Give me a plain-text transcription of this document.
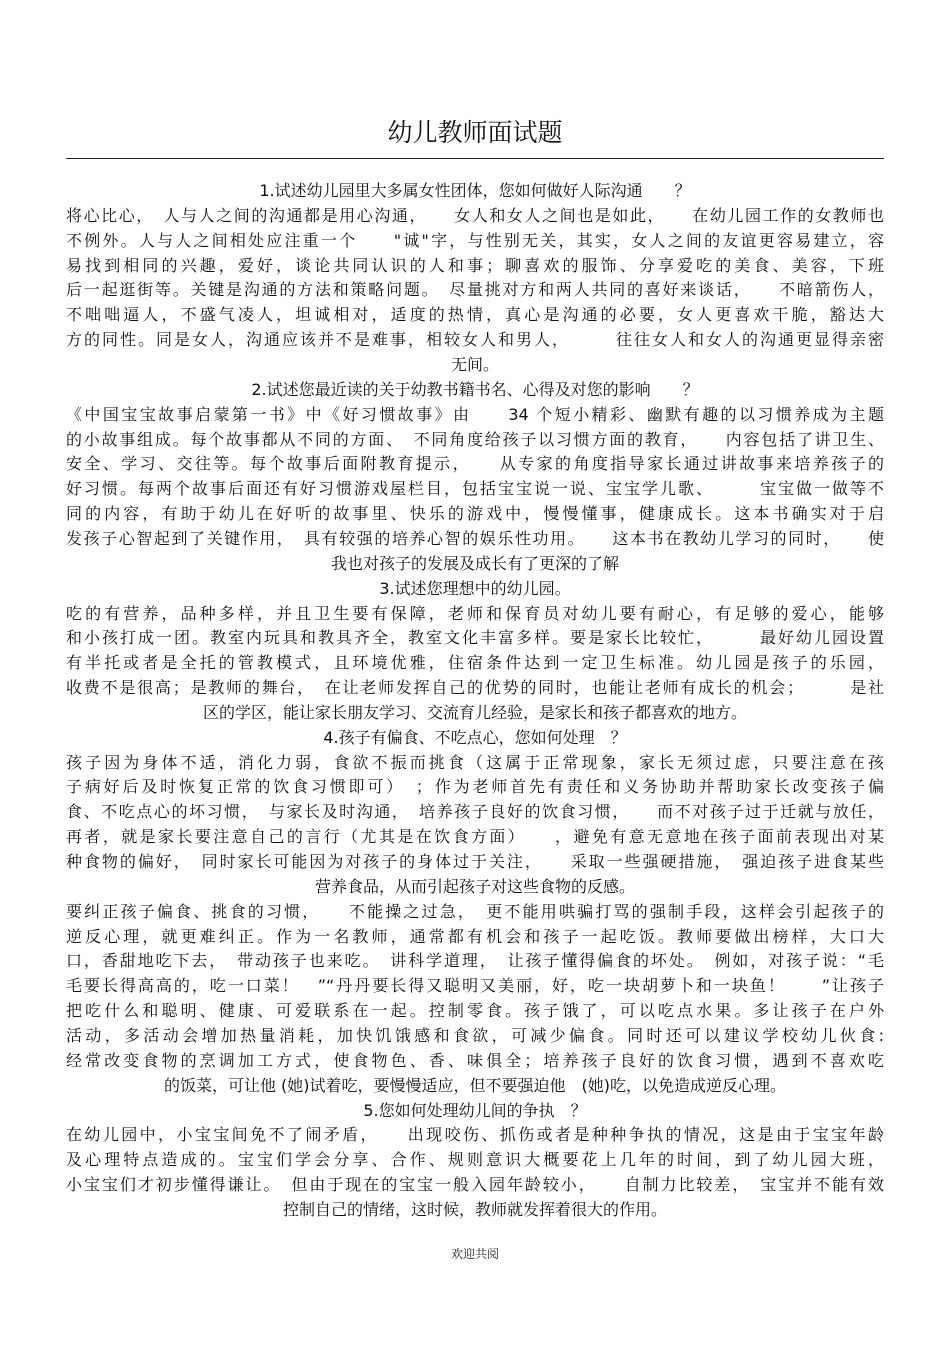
幼儿教师面试题
1.试述幼儿园里大多属女性团体，您如何做好人际沟通　　？
将心比心，　人与人之间的沟通都是用心沟通，　　女人和女人之间也是如此，　　在幼儿园工作的女教师也
不例外。人与人之间相处应注重一个　　"诚"字，与性别无关，其实，女人之间的友谊更容易建立，容
易找到相同的兴趣，爱好，谈论共同认识的人和事；聊喜欢的服饰、分享爱吃的美食、美容，下班
后一起逛街等。关键是沟通的方法和策略问题。　尽量挑对方和两人共同的喜好来谈话，　　不暗箭伤人，
不咄咄逼人，不盛气凌人，坦诚相对，适度的热情，真心是沟通的必要，女人更喜欢干脆，豁达大
方的同性。同是女人，沟通应该并不是难事，相较女人和男人，　　　往往女人和女人的沟通更显得亲密
无间。
2.试述您最近读的关于幼教书籍书名、心得及对您的影响　　？
《中国宝宝故事启蒙第一书》中《好习惯故事》由　　34 个短小精彩、幽默有趣的以习惯养成为主题
的小故事组成。每个故事都从不同的方面、　不同角度给孩子以习惯方面的教育，　　内容包括了讲卫生、
安全、学习、交往等。每个故事后面附教育提示，　　从专家的角度指导家长通过讲故事来培养孩子的
好习惯。每两个故事后面还有好习惯游戏屋栏目，包括宝宝说一说、宝宝学儿歌、　　　宝宝做一做等不
同的内容，有助于幼儿在好听的故事里、快乐的游戏中，慢慢懂事，健康成长。这本书确实对于启
发孩子心智起到了关键作用，　具有较强的培养心智的娱乐性功用。　　这本书在教幼儿学习的同时，　　使
我也对孩子的发展及成长有了更深的了解
3.试述您理想中的幼儿园。
吃的有营养，品种多样，并且卫生要有保障，老师和保育员对幼儿要有耐心，有足够的爱心，能够
和小孩打成一团。教室内玩具和教具齐全，教室文化丰富多样。要是家长比较忙，　　　最好幼儿园设置
有半托或者是全托的管教模式，且环境优雅，住宿条件达到一定卫生标准。幼儿园是孩子的乐园，
收费不是很高；是教师的舞台，　在让老师发挥自己的优势的同时，也能让老师有成长的机会；　　　是社
区的学区，能让家长朋友学习、交流育儿经验，是家长和孩子都喜欢的地方。
4.孩子有偏食、不吃点心，您如何处理　？
孩子因为身体不适，消化力弱，食欲不振而挑食（这属于正常现象，家长无须过虑，只要注意在孩
子病好后及时恢复正常的饮食习惯即可）　；作为老师首先有责任和义务协助并帮助家长改变孩子偏
食、不吃点心的坏习惯，　与家长及时沟通，　培养孩子良好的饮食习惯，　　而不对孩子过于迁就与放任，
再者，就是家长要注意自己的言行（尤其是在饮食方面）　　，避免有意无意地在孩子面前表现出对某
种食物的偏好，　同时家长可能因为对孩子的身体过于关注，　　采取一些强硬措施，　强迫孩子进食某些
营养食品，从而引起孩子对这些食物的反感。
要纠正孩子偏食、挑食的习惯，　　不能操之过急，　更不能用哄骗打骂的强制手段，这样会引起孩子的
逆反心理，就更难纠正。作为一名教师，通常都有机会和孩子一起吃饭。教师要做出榜样，大口大
口，香甜地吃下去，　带动孩子也来吃。　讲科学道理，　让孩子懂得偏食的坏处。　例如，对孩子说：“毛
毛要长得高高的，吃一口菜！　”“丹丹要长得又聪明又美丽，好，吃一块胡萝卜和一块鱼！　　”让孩子
把吃什么和聪明、健康、可爱联系在一起。控制零食。孩子饿了，可以吃点水果。多让孩子在户外
活动，多活动会增加热量消耗，加快饥饿感和食欲，可减少偏食。同时还可以建议学校幼儿伙食:
经常改变食物的烹调加工方式，使食物色、香、味俱全；培养孩子良好的饮食习惯，遇到不喜欢吃
的饭菜，可让他 (她)试着吃，要慢慢适应，但不要强迫他　(她)吃，以免造成逆反心理。
5.您如何处理幼儿间的争执　？
在幼儿园中，小宝宝间免不了闹矛盾，　　出现咬伤、抓伤或者是种种争执的情况，这是由于宝宝年龄
及心理特点造成的。宝宝们学会分享、合作、规则意识大概要花上几年的时间，到了幼儿园大班，
小宝宝们才初步懂得谦让。　但由于现在的宝宝一般入园年龄较小，　　自制力比较差，　宝宝并不能有效
控制自己的情绪，这时候，教师就发挥着很大的作用。
欢迎共阅
